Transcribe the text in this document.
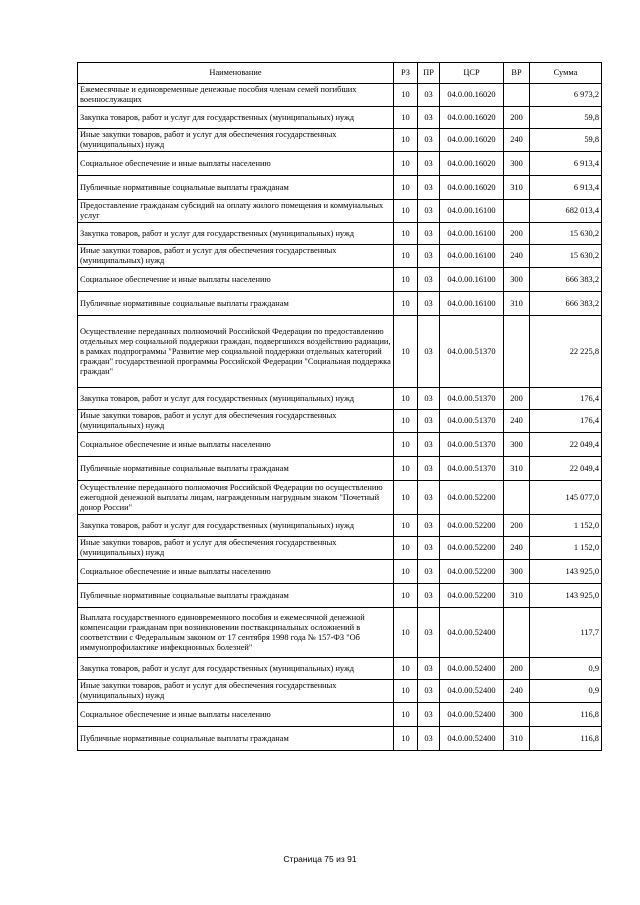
Наименование	РЗ	ПР	ЦСР	ВР	Сумма
Ежемесячные и единовременные денежные пособия членам семей погибших военнослужащих	10	03	04.0.00.16020		6 973,2
Закупка товаров, работ и услуг для государственных (муниципальных) нужд	10	03	04.0.00.16020	200	59,8
Иные закупки товаров, работ и услуг для обеспечения государственных (муниципальных) нужд	10	03	04.0.00.16020	240	59,8
Социальное обеспечение и иные выплаты населению	10	03	04.0.00.16020	300	6 913,4
Публичные нормативные социальные выплаты гражданам	10	03	04.0.00.16020	310	6 913,4
Предоставление гражданам субсидий на оплату жилого помещения и коммунальных услуг	10	03	04.0.00.16100		682 013,4
Закупка товаров, работ и услуг для государственных (муниципальных) нужд	10	03	04.0.00.16100	200	15 630,2
Иные закупки товаров, работ и услуг для обеспечения государственных (муниципальных) нужд	10	03	04.0.00.16100	240	15 630,2
Социальное обеспечение и иные выплаты населению	10	03	04.0.00.16100	300	666 383,2
Публичные нормативные социальные выплаты гражданам	10	03	04.0.00.16100	310	666 383,2
Осуществление переданных полномочий Российской Федерации по предоставлению отдельных мер социальной поддержки граждан, подвергшихся воздействию радиации, в рамках подпрограммы "Развитие мер социальной поддержки отдельных категорий граждан" государственной программы Российской Федерации "Социальная поддержка граждан"	10	03	04.0.00.51370		22 225,8
Закупка товаров, работ и услуг для государственных (муниципальных) нужд	10	03	04.0.00.51370	200	176,4
Иные закупки товаров, работ и услуг для обеспечения государственных (муниципальных) нужд	10	03	04.0.00.51370	240	176,4
Социальное обеспечение и иные выплаты населению	10	03	04.0.00.51370	300	22 049,4
Публичные нормативные социальные выплаты гражданам	10	03	04.0.00.51370	310	22 049,4
Осуществление переданного полномочия Российской Федерации по осуществлению ежегодной денежной выплаты лицам, награжденным нагрудным знаком "Почетный донор России"	10	03	04.0.00.52200		145 077,0
Закупка товаров, работ и услуг для государственных (муниципальных) нужд	10	03	04.0.00.52200	200	1 152,0
Иные закупки товаров, работ и услуг для обеспечения государственных (муниципальных) нужд	10	03	04.0.00.52200	240	1 152,0
Социальное обеспечение и иные выплаты населению	10	03	04.0.00.52200	300	143 925,0
Публичные нормативные социальные выплаты гражданам	10	03	04.0.00.52200	310	143 925,0
Выплата государственного единовременного пособия и ежемесячной денежной компенсации гражданам при возникновении поствакцинальных осложнений в соответствии с Федеральным законом от 17 сентября 1998 года № 157-ФЗ "Об иммунопрофилактике инфекционных болезней"	10	03	04.0.00.52400		117,7
Закупка товаров, работ и услуг для государственных (муниципальных) нужд	10	03	04.0.00.52400	200	0,9
Иные закупки товаров, работ и услуг для обеспечения государственных (муниципальных) нужд	10	03	04.0.00.52400	240	0,9
Социальное обеспечение и иные выплаты населению	10	03	04.0.00.52400	300	116,8
Публичные нормативные социальные выплаты гражданам	10	03	04.0.00.52400	310	116,8
Страница 75 из 91
